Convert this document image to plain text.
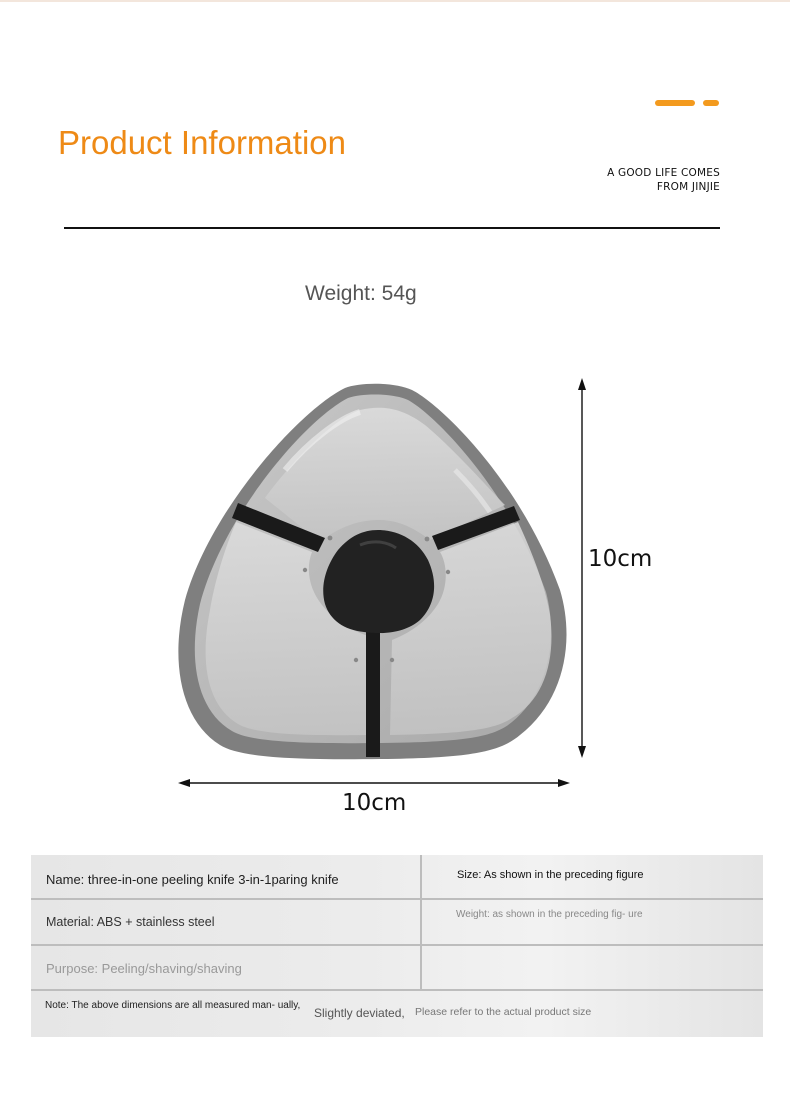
Product Information
A GOOD LIFE COMES
FROM JINJIE
Weight: 54g
10cm
10cm
Name: three-in-one peeling knife 3-in-1paring knife	Size: As shown in the preceding figure
Material: ABS + stainless steel
Weight: as shown in the preceding fig- ure
Purpose: Peeling/shaving/shaving
Note: The above dimensions are all measured man- ually,
Slightly deviated, Please refer to the actual product size
